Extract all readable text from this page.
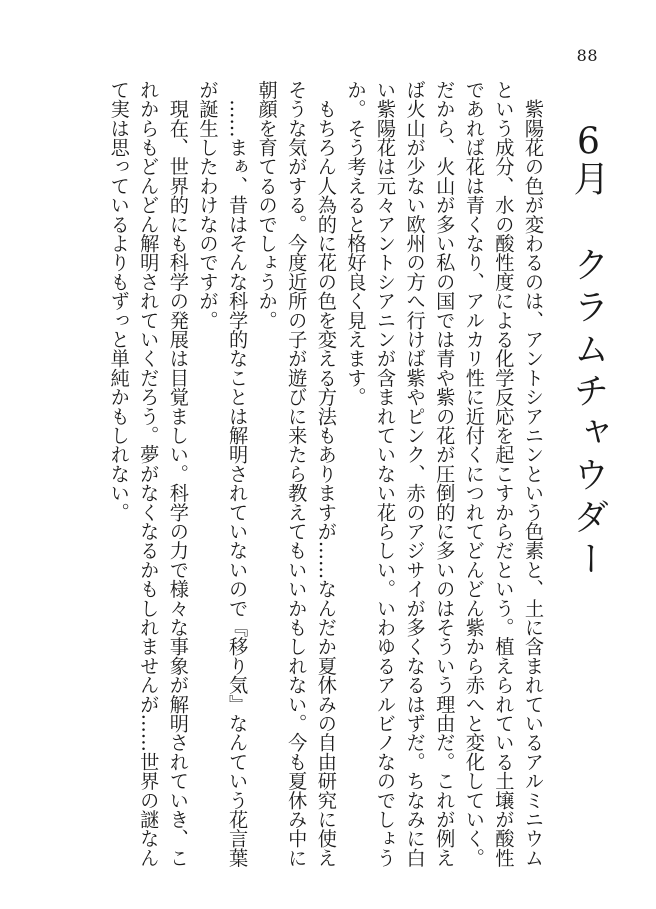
88
6月クラムチャウダー

　紫陽花の色が変わるのは、アントシアニンという色素と、土に含まれているアルミニウムという成分、水の酸性度による化学反応を起こすからだという。植えられている土壌が酸性であれば花は青くなり、アルカリ性に近付くにつれてどんどん紫から赤へと変化していく。だから、火山が多い私の国では青や紫の花が圧倒的に多いのはそういう理由だ。これが例えば火山が少ない欧州の方へ行けば紫やピンク、赤のアジサイが多くなるはずだ。ちなみに白い紫陽花は元々アントシアニンが含まれていない花らしい。いわゆるアルビノなのでしょうか。そう考えると格好良く見えます。

　もちろん人為的に花の色を変える方法もありますが……なんだか夏休みの自由研究に使えそうな気がする。今度近所の子が遊びに来たら教えてもいいかもしれない。今も夏休み中に朝顔を育てるのでしょうか。

　……まぁ、昔はそんな科学的なことは解明されていないので『移り気』なんていう花言葉が誕生したわけなのですが。

　現在、世界的にも科学の発展は目覚ましい。科学の力で様々な事象が解明されていき、これからもどんどん解明されていくだろう。夢がなくなるかもしれませんが……世界の謎なんて実は思っているよりもずっと単純かもしれない。
